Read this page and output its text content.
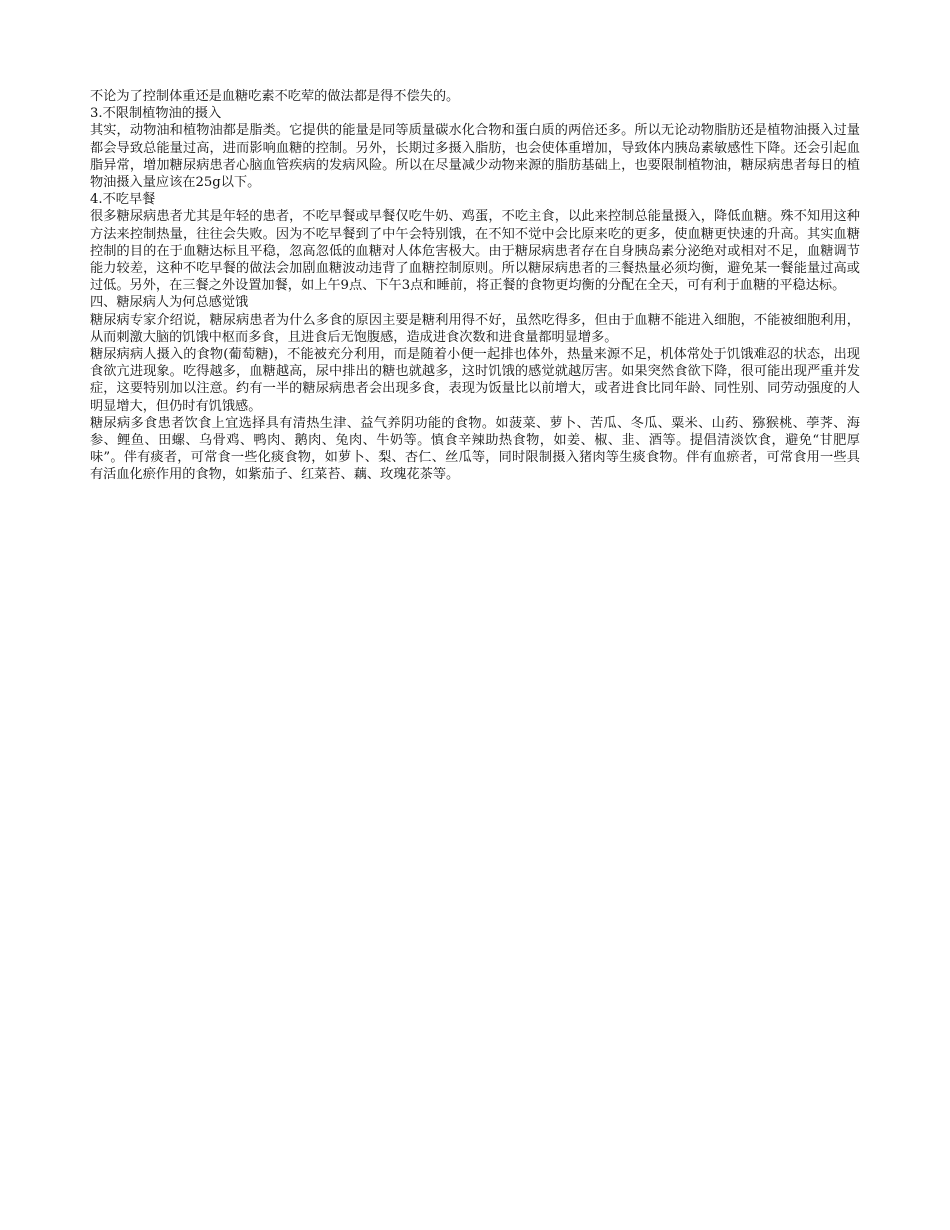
不论为了控制体重还是血糖吃素不吃荤的做法都是得不偿失的。

3.不限制植物油的摄入

其实，动物油和植物油都是脂类。它提供的能量是同等质量碳水化合物和蛋白质的两倍还多。所以无论动物脂肪还是植物油摄入过量都会导致总能量过高，进而影响血糖的控制。另外，长期过多摄入脂肪，也会使体重增加，导致体内胰岛素敏感性下降。还会引起血脂异常，增加糖尿病患者心脑血管疾病的发病风险。所以在尽量减少动物来源的脂肪基础上，也要限制植物油，糖尿病患者每日的植物油摄入量应该在25g以下。

4.不吃早餐

很多糖尿病患者尤其是年轻的患者，不吃早餐或早餐仅吃牛奶、鸡蛋，不吃主食，以此来控制总能量摄入，降低血糖。殊不知用这种方法来控制热量，往往会失败。因为不吃早餐到了中午会特别饿，在不知不觉中会比原来吃的更多，使血糖更快速的升高。其实血糖控制的目的在于血糖达标且平稳，忽高忽低的血糖对人体危害极大。由于糖尿病患者存在自身胰岛素分泌绝对或相对不足，血糖调节能力较差，这种不吃早餐的做法会加剧血糖波动违背了血糖控制原则。所以糖尿病患者的三餐热量必须均衡，避免某一餐能量过高或过低。另外，在三餐之外设置加餐，如上午9点、下午3点和睡前，将正餐的食物更均衡的分配在全天，可有利于血糖的平稳达标。

四、糖尿病人为何总感觉饿

糖尿病专家介绍说，糖尿病患者为什么多食的原因主要是糖利用得不好，虽然吃得多，但由于血糖不能进入细胞，不能被细胞利用，从而刺激大脑的饥饿中枢而多食，且进食后无饱腹感，造成进食次数和进食量都明显增多。

糖尿病病人摄入的食物(葡萄糖)，不能被充分利用，而是随着小便一起排也体外，热量来源不足，机体常处于饥饿难忍的状态，出现食欲亢进现象。吃得越多，血糖越高，尿中排出的糖也就越多，这时饥饿的感觉就越厉害。如果突然食欲下降，很可能出现严重并发症，这要特别加以注意。约有一半的糖尿病患者会出现多食，表现为饭量比以前增大，或者进食比同年龄、同性别、同劳动强度的人明显增大，但仍时有饥饿感。

糖尿病多食患者饮食上宜选择具有清热生津、益气养阴功能的食物。如菠菜、萝卜、苦瓜、冬瓜、粟米、山药、猕猴桃、荸荠、海参、鲤鱼、田螺、乌骨鸡、鸭肉、鹅肉、兔肉、牛奶等。慎食辛辣助热食物，如姜、椒、韭、酒等。提倡清淡饮食，避免“甘肥厚味”。伴有痰者，可常食一些化痰食物，如萝卜、梨、杏仁、丝瓜等，同时限制摄入猪肉等生痰食物。伴有血瘀者，可常食用一些具有活血化瘀作用的食物，如紫茄子、红菜苔、藕、玫瑰花茶等。
